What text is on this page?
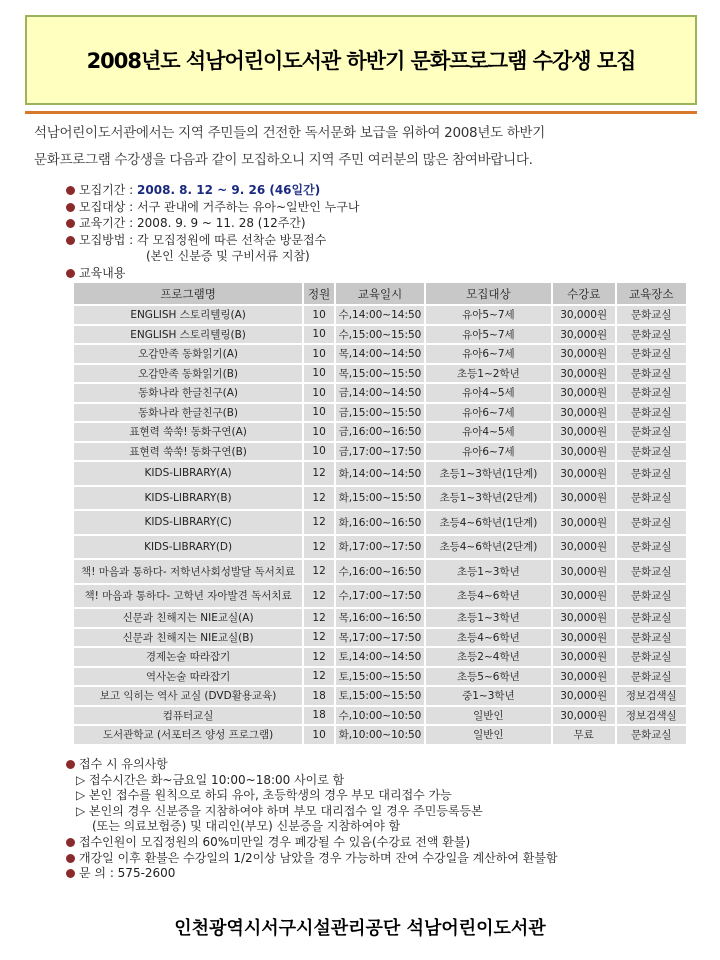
2008년도 석남어린이도서관 하반기 문화프로그램 수강생 모집
석남어린이도서관에서는 지역 주민들의 건전한 독서문화 보급을 위하여 2008년도 하반기
문화프로그램 수강생을 다음과 같이 모집하오니 지역 주민 여러분의 많은 참여바랍니다.
모집기간 : 2008. 8. 12 ~ 9. 26 (46일간)
모집대상 : 서구 관내에 거주하는 유아~일반인 누구나
교육기간 : 2008. 9. 9 ~ 11. 28 (12주간)
모집방법 : 각 모집정원에 따른 선착순 방문접수
(본인 신분증 및 구비서류 지참)
교육내용
프로그램명	정원	교육일시	모집대상	수강료	교육장소
ENGLISH 스토리텔링(A)	10	수,14:00~14:50	유아5~7세	30,000원	문화교실
ENGLISH 스토리텔링(B)	10	수,15:00~15:50	유아5~7세	30,000원	문화교실
오감만족 동화읽기(A)	10	목,14:00~14:50	유아6~7세	30,000원	문화교실
오감만족 동화읽기(B)	10	목,15:00~15:50	초등1~2학년	30,000원	문화교실
동화나라 한글친구(A)	10	금,14:00~14:50	유아4~5세	30,000원	문화교실
동화나라 한글친구(B)	10	금,15:00~15:50	유아6~7세	30,000원	문화교실
표현력 쑥쑥! 동화구연(A)	10	금,16:00~16:50	유아4~5세	30,000원	문화교실
표현력 쑥쑥! 동화구연(B)	10	금,17:00~17:50	유아6~7세	30,000원	문화교실
KIDS-LIBRARY(A)	12	화,14:00~14:50	초등1~3학년(1단계)	30,000원	문화교실
KIDS-LIBRARY(B)	12	화,15:00~15:50	초등1~3학년(2단계)	30,000원	문화교실
KIDS-LIBRARY(C)	12	화,16:00~16:50	초등4~6학년(1단계)	30,000원	문화교실
KIDS-LIBRARY(D)	12	화,17:00~17:50	초등4~6학년(2단계)	30,000원	문화교실
책! 마음과 통하다- 저학년사회성발달 독서치료	12	수,16:00~16:50	초등1~3학년	30,000원	문화교실
책! 마음과 통하다- 고학년 자아발견 독서치료	12	수,17:00~17:50	초등4~6학년	30,000원	문화교실
신문과 친해지는 NIE교실(A)	12	목,16:00~16:50	초등1~3학년	30,000원	문화교실
신문과 친해지는 NIE교실(B)	12	목,17:00~17:50	초등4~6학년	30,000원	문화교실
경제논술 따라잡기	12	토,14:00~14:50	초등2~4학년	30,000원	문화교실
역사논술 따라잡기	12	토,15:00~15:50	초등5~6학년	30,000원	문화교실
보고 익히는 역사 교실 (DVD활용교육)	18	토,15:00~15:50	중1~3학년	30,000원	정보검색실
컴퓨터교실	18	수,10:00~10:50	일반인	30,000원	정보검색실
도서관학교 (서포터즈 양성 프로그램)	10	화,10:00~10:50	일반인	무료	문화교실
접수 시 유의사항
▷ 접수시간은 화~금요일 10:00~18:00 사이로 함
▷ 본인 접수를 원칙으로 하되 유아, 초등학생의 경우 부모 대리접수 가능
▷ 본인의 경우 신분증을 지참하여야 하며 부모 대리접수 일 경우 주민등록등본
(또는 의료보험증) 및 대리인(부모) 신분증을 지참하여야 함
접수인원이 모집정원의 60%미만일 경우 폐강될 수 있음(수강료 전액 환불)
개강일 이후 환불은 수강일의 1/2이상 남았을 경우 가능하며 잔여 수강일을 계산하여 환불함
문 의 : 575-2600
인천광역시서구시설관리공단 석남어린이도서관
